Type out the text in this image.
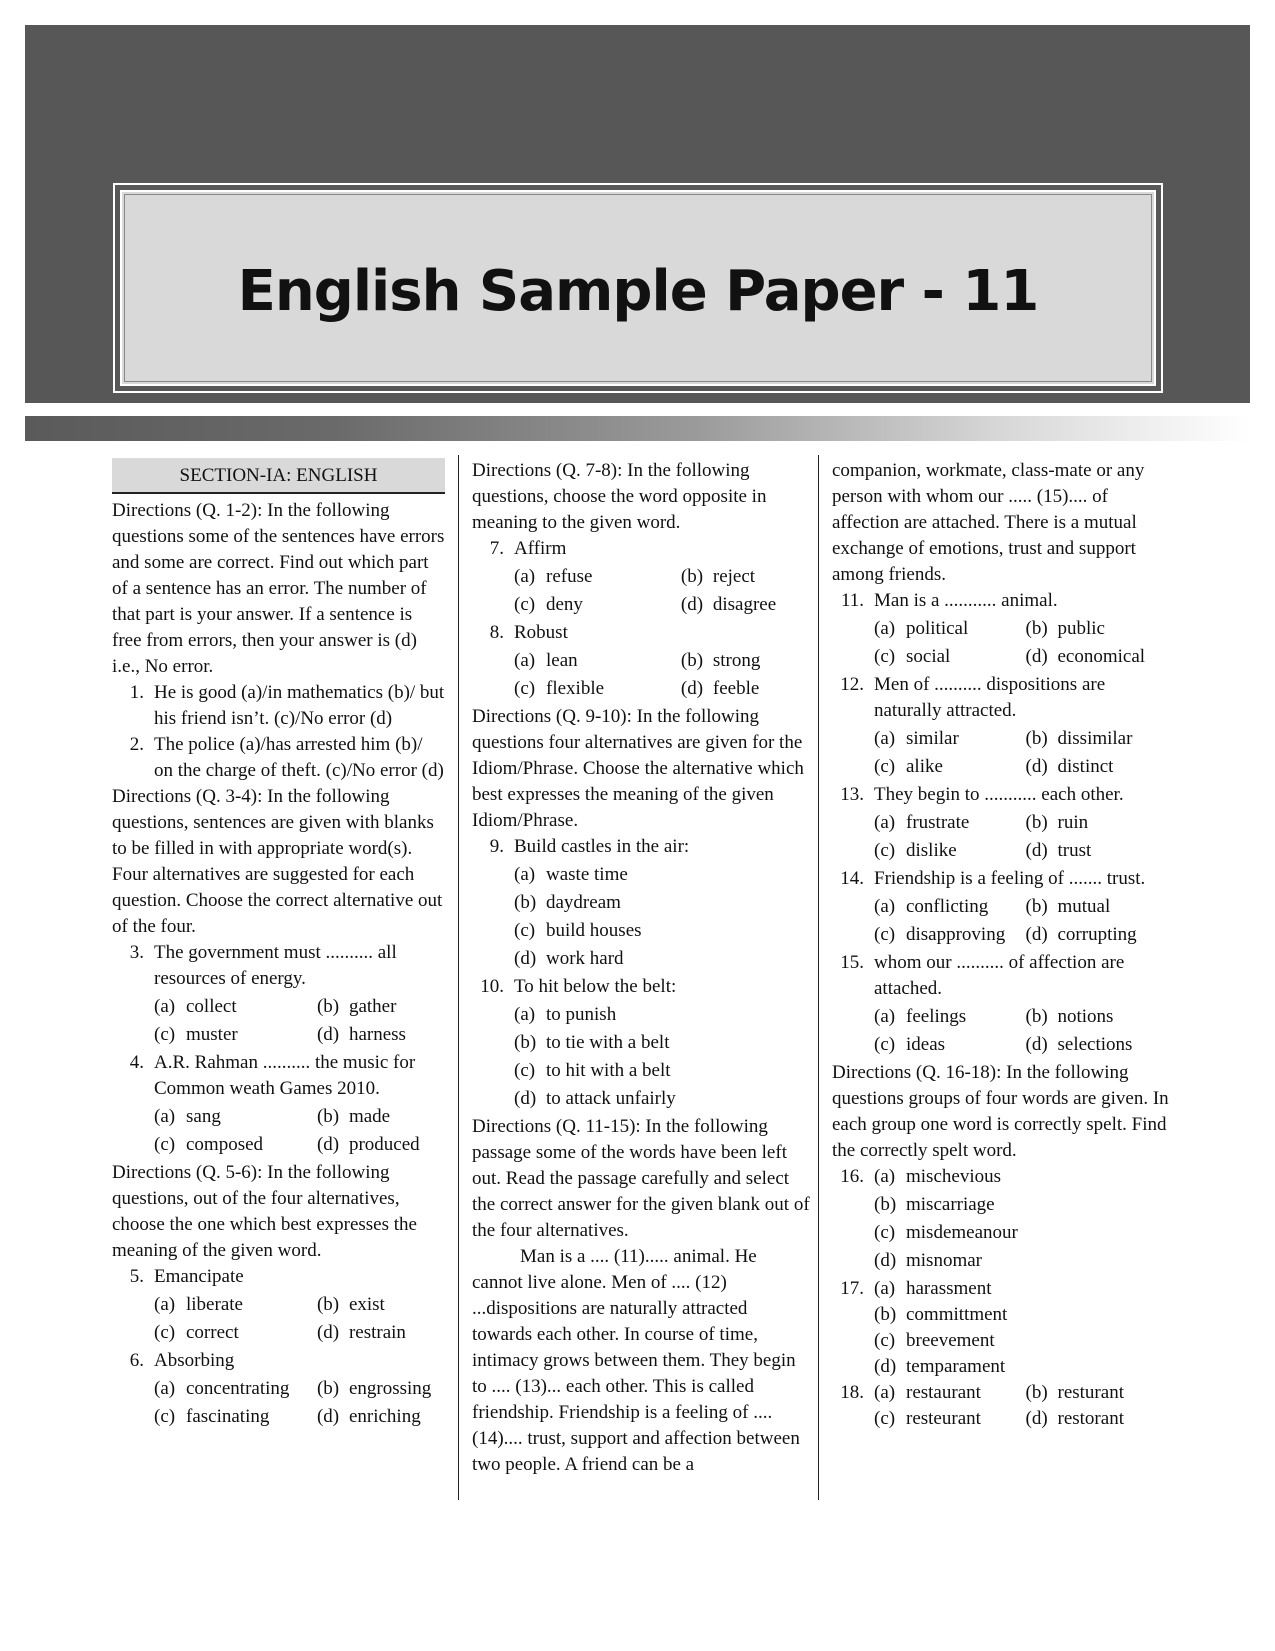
English Sample Paper - 11
SECTION-IA: ENGLISH

Directions (Q. 1-2): In the following questions some of the sentences have errors and some are correct. Find out which part of a sentence has an error. The number of that part is your answer. If a sentence is free from errors, then your answer is (d) i.e., No error.

1. He is good (a)/in mathematics (b)/ but his friend isn’t. (c)/No error (d)
2. The police (a)/has arrested him (b)/ on the charge of theft. (c)/No error (d)

Directions (Q. 3-4): In the following questions, sentences are given with blanks to be filled in with appropriate word(s). Four alternatives are suggested for each question. Choose the correct alternative out of the four.

3. The government must .......... all resources of energy.
(a) collect	(b) gather
(c) muster	(d) harness
4. A.R. Rahman .......... the music for Common weath Games 2010.
(a) sang	(b) made
(c) composed	(d) produced

Directions (Q. 5-6): In the following questions, out of the four alternatives, choose the one which best expresses the meaning of the given word.

5. Emancipate
(a) liberate	(b) exist
(c) correct	(d) restrain
6. Absorbing
(a) concentrating	(b) engrossing
(c) fascinating	(d) enriching

Directions (Q. 7-8): In the following questions, choose the word opposite in meaning to the given word.

7. Affirm
(a) refuse	(b) reject
(c) deny	(d) disagree
8. Robust
(a) lean	(b) strong
(c) flexible	(d) feeble

Directions (Q. 9-10): In the following questions four alternatives are given for the Idiom/Phrase. Choose the alternative which best expresses the meaning of the given Idiom/Phrase.

9. Build castles in the air:
(a) waste time
(b) daydream
(c) build houses
(d) work hard
10. To hit below the belt:
(a) to punish
(b) to tie with a belt
(c) to hit with a belt
(d) to attack unfairly

Directions (Q. 11-15): In the following passage some of the words have been left out. Read the passage carefully and select the correct answer for the given blank out of the four alternatives.

Man is a .... (11)..... animal. He cannot live alone. Men of .... (12) ...dispositions are naturally attracted towards each other. In course of time, intimacy grows between them. They begin to .... (13)... each other. This is called friendship. Friendship is a feeling of ....(14).... trust, support and affection between two people. A friend can be a

companion, workmate, class-mate or any person with whom our ..... (15).... of affection are attached. There is a mutual exchange of emotions, trust and support among friends.

11. Man is a ........... animal.
(a) political	(b) public
(c) social	(d) economical
12. Men of .......... dispositions are naturally attracted.
(a) similar	(b) dissimilar
(c) alike	(d) distinct
13. They begin to ........... each other.
(a) frustrate	(b) ruin
(c) dislike	(d) trust
14. Friendship is a feeling of ....... trust.
(a) conflicting	(b) mutual
(c) disapproving	(d) corrupting
15. whom our .......... of affection are attached.
(a) feelings	(b) notions
(c) ideas	(d) selections

Directions (Q. 16-18): In the following questions groups of four words are given. In each group one word is correctly spelt. Find the correctly spelt word.

16. (a) mischevious
(b) miscarriage
(c) misdemeanour
(d) misnomar
17. (a) harassment
(b) committment
(c) breevement
(d) temparament
18. (a) restaurant	(b) resturant
(c) resteurant	(d) restorant
